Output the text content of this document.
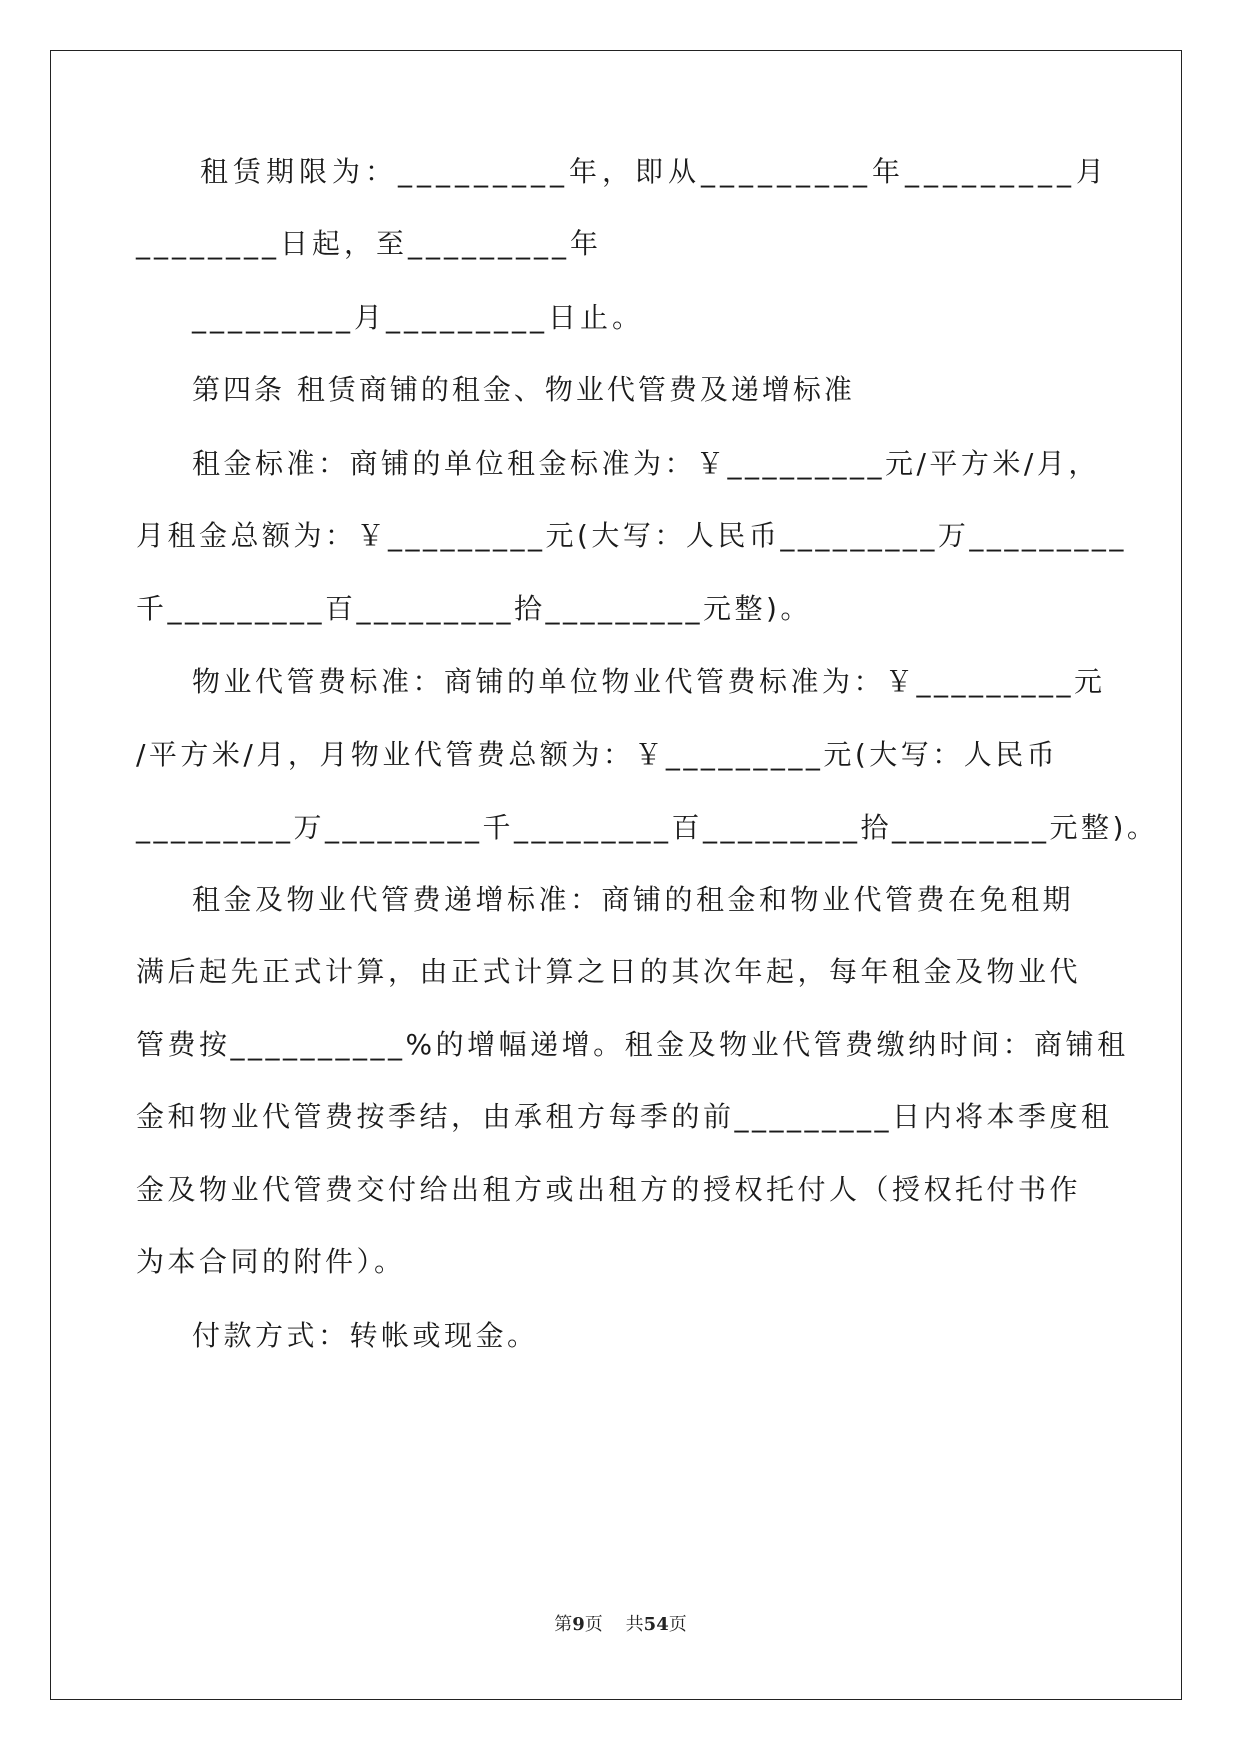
租赁期限为：_________年，即从_________年_________月
________日起，至_________年
_________月_________日止。
第四条 租赁商铺的租金、物业代管费及递增标准
租金标准：商铺的单位租金标准为：￥_________元/平方米/月，
月租金总额为：￥_________元(大写：人民币_________万_________
千_________百_________拾_________元整)。
物业代管费标准：商铺的单位物业代管费标准为：￥_________元
/平方米/月，月物业代管费总额为：￥_________元(大写：人民币
_________万_________千_________百_________拾_________元整)。
租金及物业代管费递增标准：商铺的租金和物业代管费在免租期
满后起先正式计算，由正式计算之日的其次年起，每年租金及物业代
管费按__________%的增幅递增。租金及物业代管费缴纳时间：商铺租
金和物业代管费按季结，由承租方每季的前_________日内将本季度租
金及物业代管费交付给出租方或出租方的授权托付人（授权托付书作
为本合同的附件）。
付款方式：转帐或现金。
第9页 共54页
